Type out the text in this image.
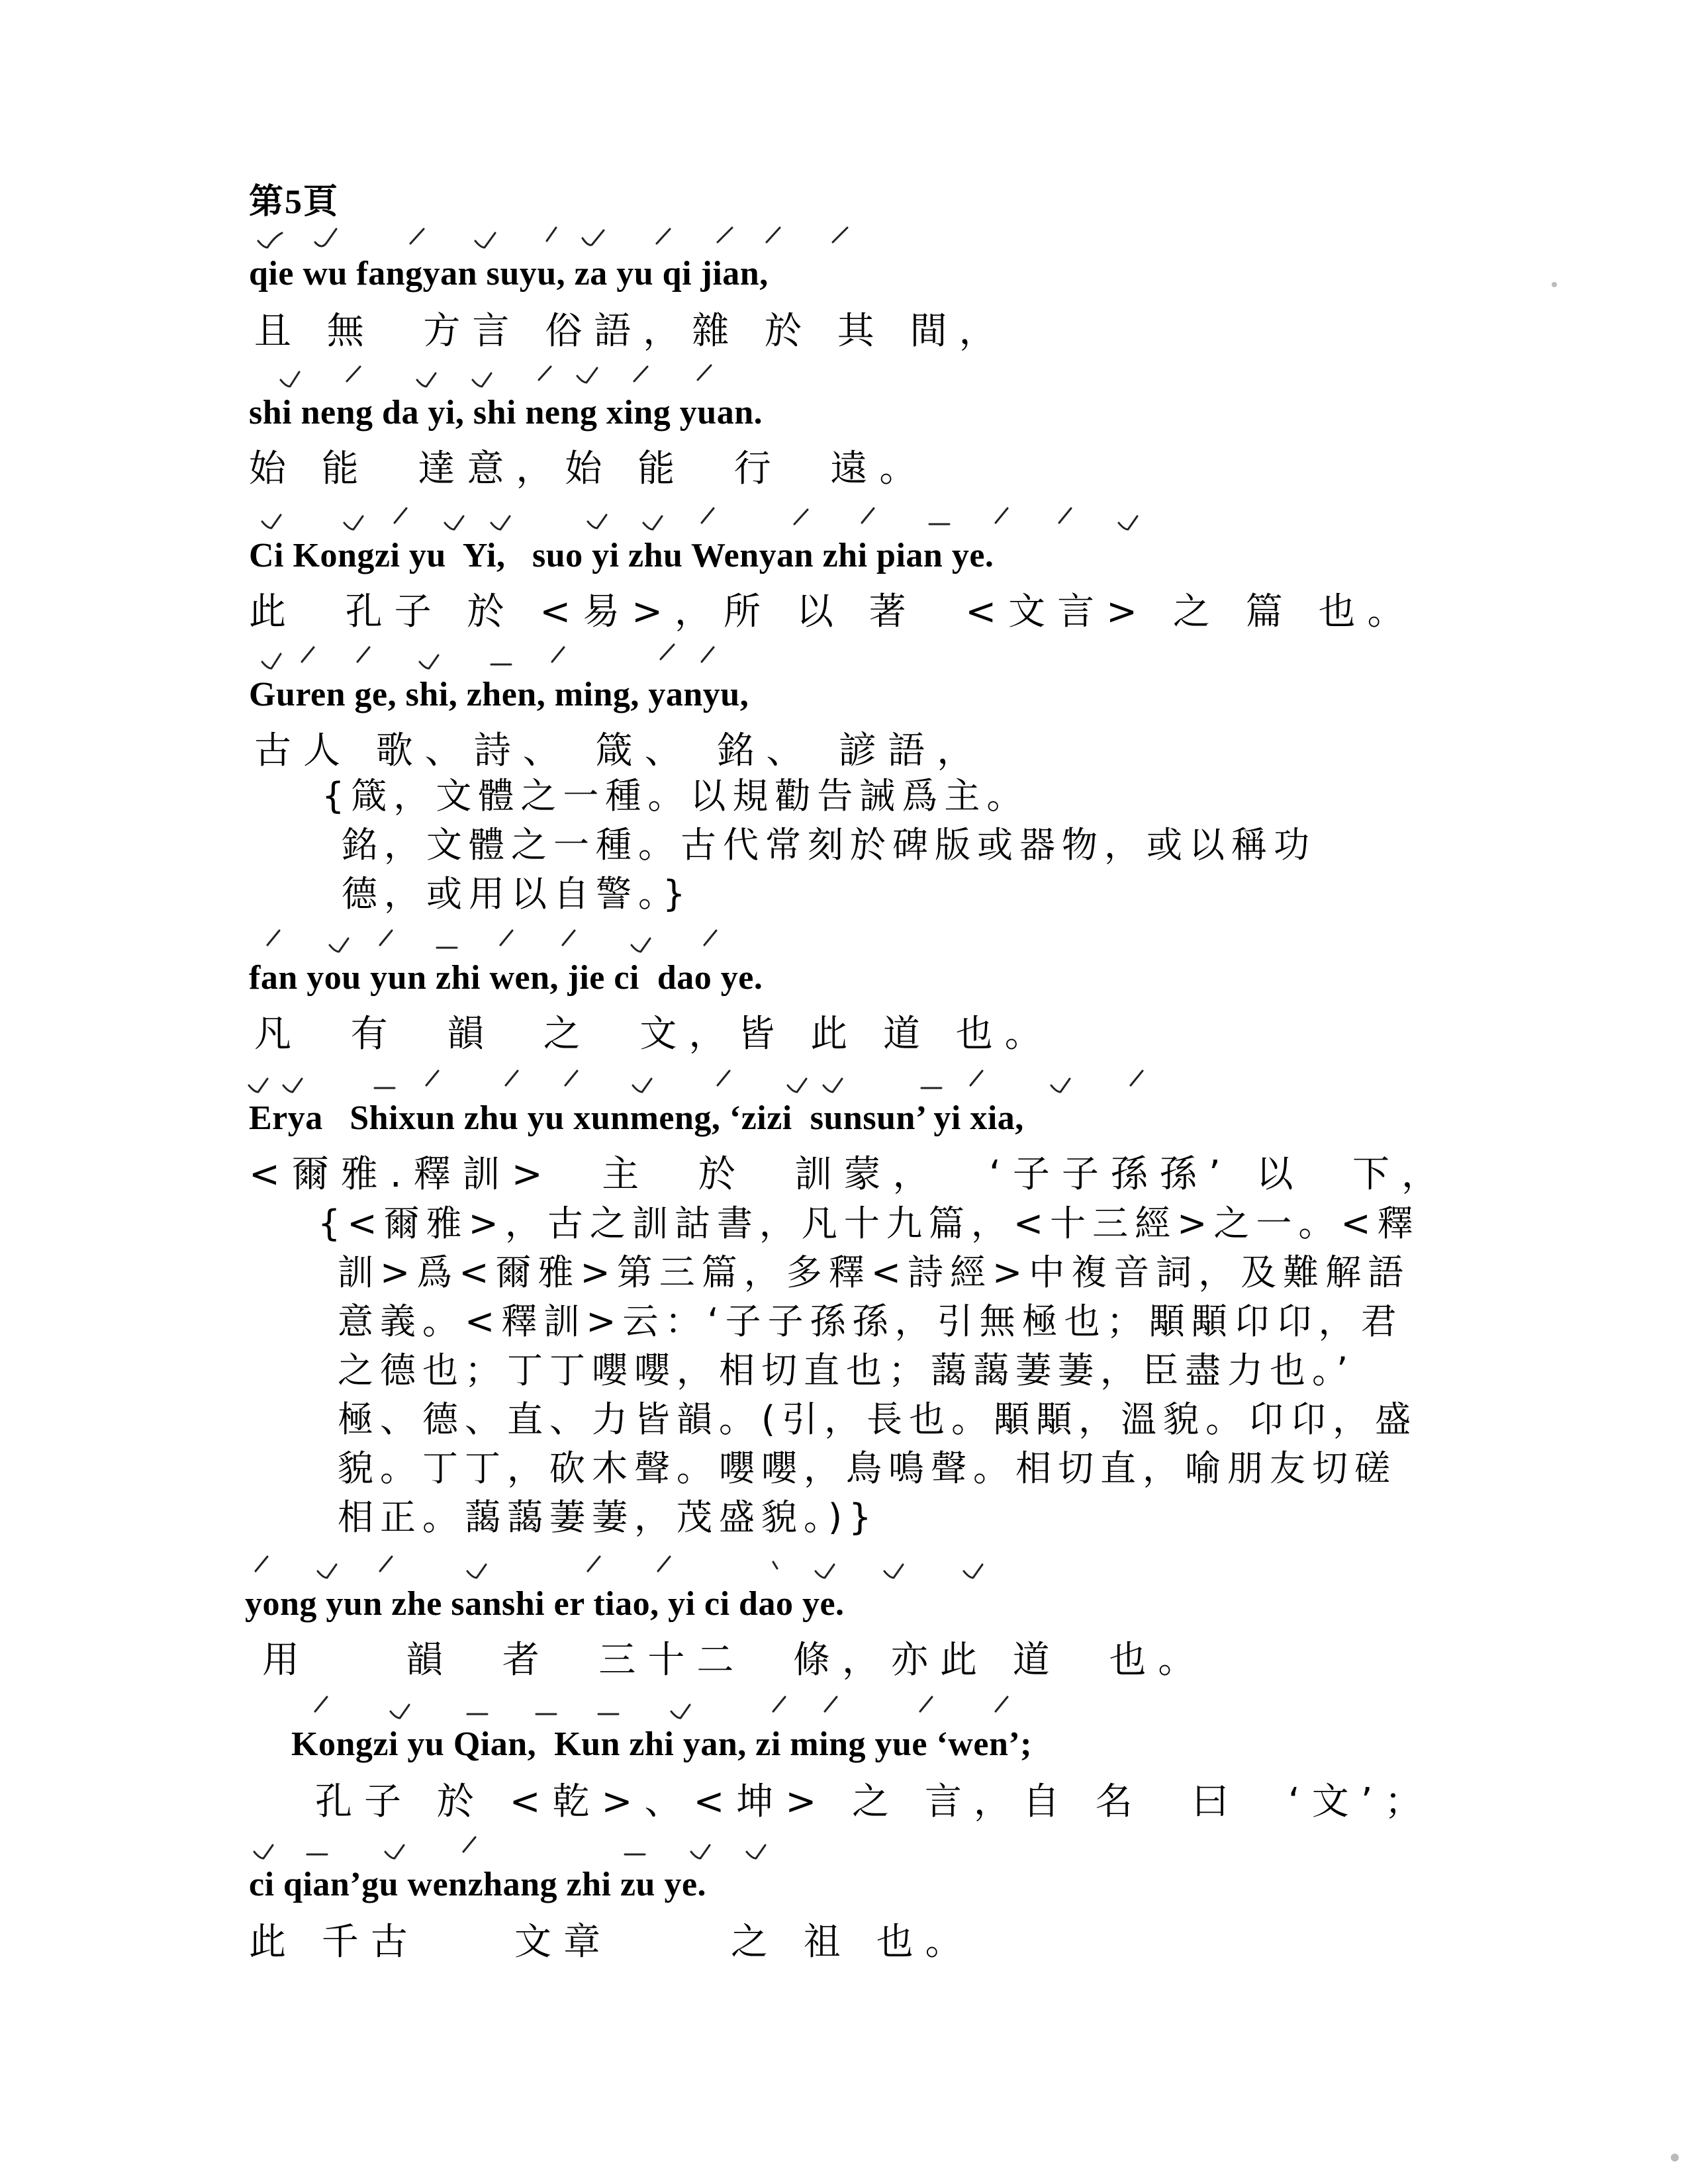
第5頁
qie wu fangyan suyu, za yu qi jian,
且 無  方言 俗語，雜 於 其 間，
shi neng da yi, shi neng xing yuan.
始 能  達意，始 能  行  遠。
Ci Kongzi yu  Yi,   suo yi zhu Wenyan zhi pian ye.
此  孔子 於 <易>，所 以 著  <文言> 之 篇 也。
Guren ge, shi, zhen, ming, yanyu,
古人 歌、詩、 箴、 銘、 諺語，
{箴，文體之一種。以規勸告誡爲主。
銘，文體之一種。古代常刻於碑版或器物，或以稱功
德，或用以自警。}
fan you yun zhi wen, jie ci  dao ye.
凡  有  韻  之  文，皆 此 道 也。
Erya   Shixun zhu yu xunmeng, ‘zizi  sunsun’ yi xia,
<爾雅.釋訓>  主  於  訓蒙，  ‘子子孫孫’ 以  下，
{<爾雅>，古之訓詁書，凡十九篇，<十三經>之一。<釋
訓>爲<爾雅>第三篇，多釋<詩經>中複音詞，及難解語
意義。<釋訓>云：‘子子孫孫，引無極也；顒顒卬卬，君
之德也；丁丁嚶嚶，相切直也；藹藹萋萋，臣盡力也。’
極、德、直、力皆韻。(引，長也。顒顒，溫貌。卬卬，盛
貌。丁丁，砍木聲。嚶嚶，鳥鳴聲。相切直，喻朋友切磋
相正。藹藹萋萋，茂盛貌。)}
yong yun zhe sanshi er tiao, yi ci dao ye.
用    韻  者  三十二  條，亦此 道  也。
Kongzi yu Qian,  Kun zhi yan, zi ming yue ‘wen’;
孔子 於 <乾>、<坤> 之 言，自 名  曰  ‘文’；
ci qian’gu wenzhang zhi zu ye.
此 千古    文章     之 祖 也。
